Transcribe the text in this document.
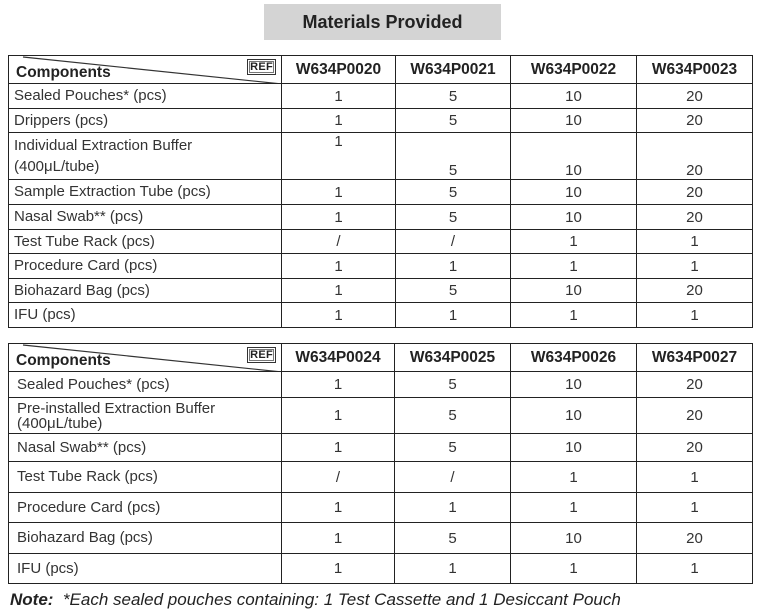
Materials Provided
Components REF	W634P0020	W634P0021	W634P0022	W634P0023
Sealed Pouches* (pcs)	1	5	10	20
Drippers (pcs)	1	5	10	20
Individual Extraction Buffer (400μL/tube)	1	5	10	20
Sample Extraction Tube (pcs)	1	5	10	20
Nasal Swab** (pcs)	1	5	10	20
Test Tube Rack (pcs)	/	/	1	1
Procedure Card (pcs)	1	1	1	1
Biohazard Bag (pcs)	1	5	10	20
IFU (pcs)	1	1	1	1
Components REF	W634P0024	W634P0025	W634P0026	W634P0027
Sealed Pouches* (pcs)	1	5	10	20
Pre-installed Extraction Buffer (400μL/tube)	1	5	10	20
Nasal Swab** (pcs)	1	5	10	20
Test Tube Rack (pcs)	/	/	1	1
Procedure Card (pcs)	1	1	1	1
Biohazard Bag (pcs)	1	5	10	20
IFU (pcs)	1	1	1	1
Note: *Each sealed pouches containing: 1 Test Cassette and 1 Desiccant Pouch
